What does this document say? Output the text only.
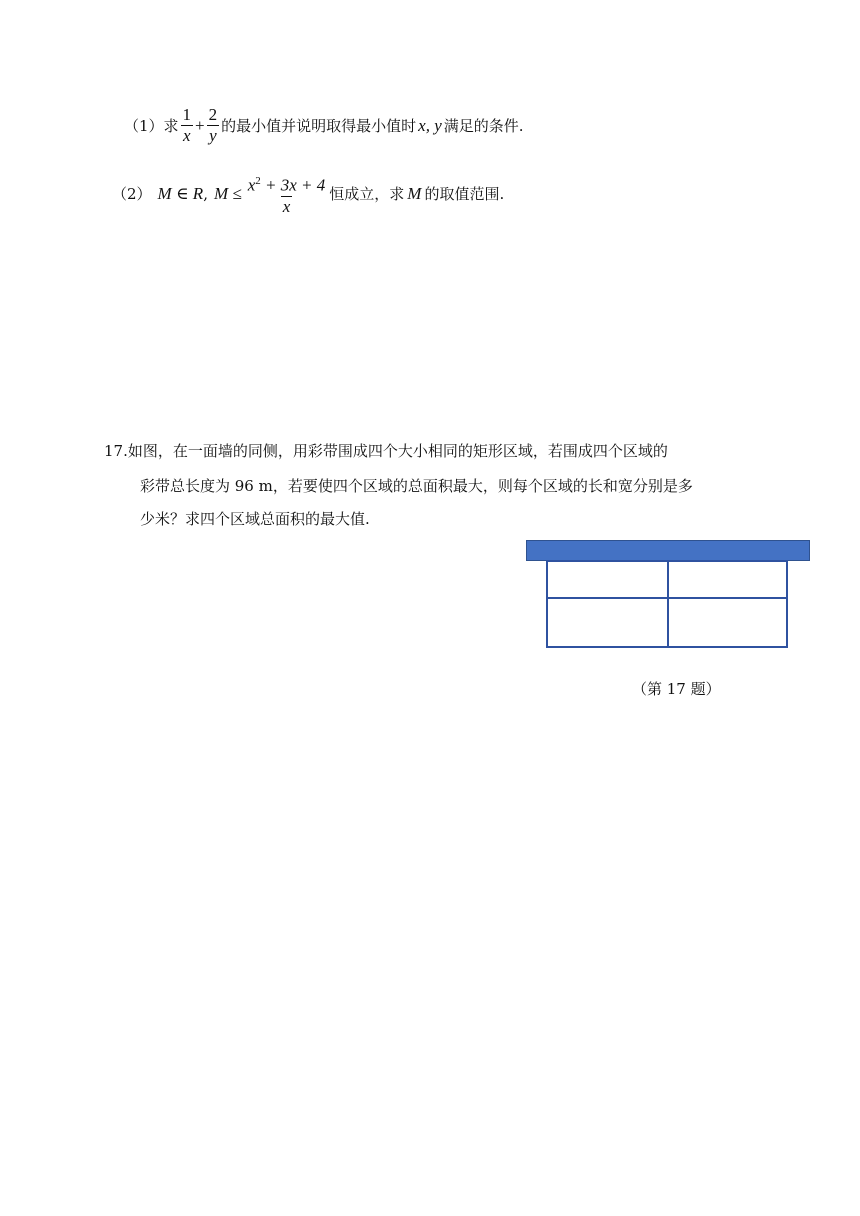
（1）求 $\frac{1}{x} + \frac{2}{y}$ 的最小值并说明取得最小值时 x, y 满足的条件.
（2） M ∈ R , $M \le \frac{x^2 + 3x + 4}{x}$ 恒成立，求 M 的取值范围.
17.如图，在一面墙的同侧，用彩带围成四个大小相同的矩形区域，若围成四个区域的
彩带总长度为 96 m，若要使四个区域的总面积最大，则每个区域的长和宽分别是多
少米？求四个区域总面积的最大值.
（第 17 题）
